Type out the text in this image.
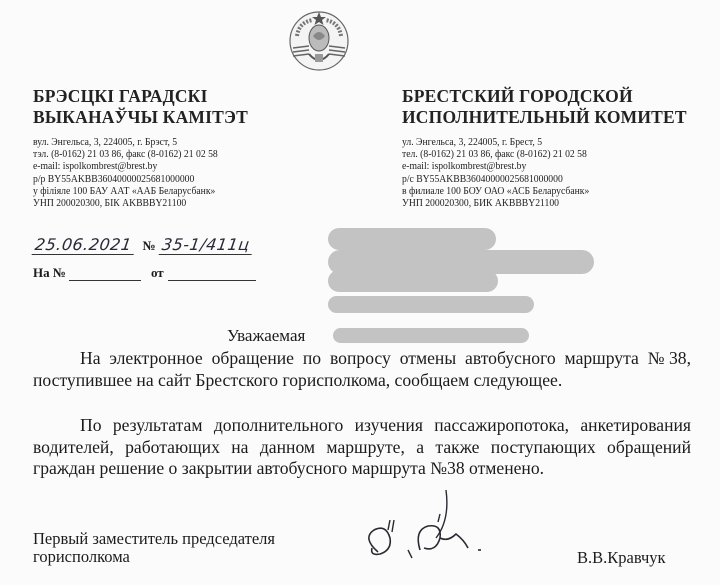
БРЭСЦКІ ГАРАДСКІ
ВЫКАНАЎЧЫ КАМІТЭТ
вул. Энгельса, 3, 224005, г. Брэст, 5
тэл. (8-0162) 21 03 86, факс (8-0162) 21 02 58
e-mail: ispolkombrest@brest.by
р/р BY55AKBB36040000025681000000
у філіяле 100 БАУ ААТ «ААБ Беларусбанк»
УНП 200020300, БІК AKBBBY21100
БРЕСТСКИЙ ГОРОДСКОЙ
ИСПОЛНИТЕЛЬНЫЙ КОМИТЕТ
ул. Энгельса, 3, 224005, г. Брест, 5
тел. (8-0162) 21 03 86, факс (8-0162) 21 02 58
e-mail: ispolkombrest@brest.by
р/с BY55AKBB36040000025681000000
в филиале 100 БОУ ОАО «АСБ Беларусбанк»
УНП 200020300, БИК AKBBBY21100
25.06.2021 № 35-1/411ц
На №	от
Уважаемая

На электронное обращение по вопросу отмены автобусного маршрута №38, поступившее на сайт Брестского горисполкома, сообщаем следующее.

По результатам дополнительного изучения пассажиропотока, анкетирования водителей, работающих на данном маршруте, а также поступающих обращений граждан решение о закрытии автобусного маршрута №38 отменено.

Первый заместитель председателя
горисполкома	В.В.Кравчук
